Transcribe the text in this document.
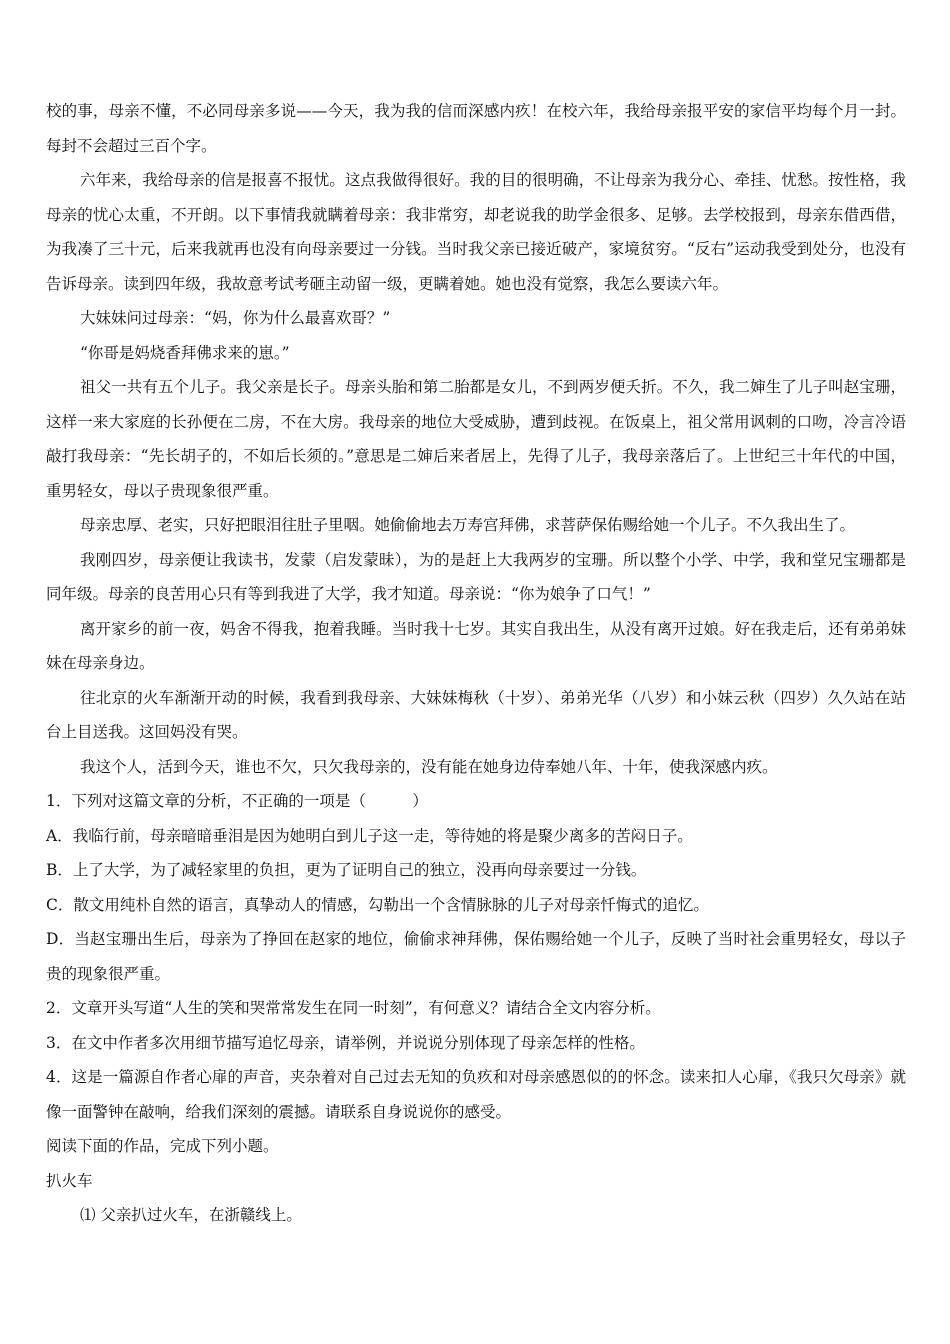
校的事，母亲不懂，不必同母亲多说——今天，我为我的信而深感内疚！在校六年，我给母亲报平安的家信平均每个月一封。每封不会超过三百个字。

六年来，我给母亲的信是报喜不报忧。这点我做得很好。我的目的很明确，不让母亲为我分心、牵挂、忧愁。按性格，我母亲的忧心太重，不开朗。以下事情我就瞒着母亲：我非常穷，却老说我的助学金很多、足够。去学校报到，母亲东借西借，为我凑了三十元，后来我就再也没有向母亲要过一分钱。当时我父亲已接近破产，家境贫穷。“反右”运动我受到处分，也没有告诉母亲。读到四年级，我故意考试考砸主动留一级，更瞒着她。她也没有觉察，我怎么要读六年。

大妹妹问过母亲：“妈，你为什么最喜欢哥？”

“你哥是妈烧香拜佛求来的崽。”

祖父一共有五个儿子。我父亲是长子。母亲头胎和第二胎都是女儿，不到两岁便夭折。不久，我二婶生了儿子叫赵宝珊，这样一来大家庭的长孙便在二房，不在大房。我母亲的地位大受威胁，遭到歧视。在饭桌上，祖父常用讽刺的口吻，冷言冷语敲打我母亲：“先长胡子的，不如后长须的。”意思是二婶后来者居上，先得了儿子，我母亲落后了。上世纪三十年代的中国，重男轻女，母以子贵现象很严重。

母亲忠厚、老实，只好把眼泪往肚子里咽。她偷偷地去万寿宫拜佛，求菩萨保佑赐给她一个儿子。不久我出生了。

我刚四岁，母亲便让我读书，发蒙（启发蒙昧），为的是赶上大我两岁的宝珊。所以整个小学、中学，我和堂兄宝珊都是同年级。母亲的良苦用心只有等到我进了大学，我才知道。母亲说：“你为娘争了口气！”

离开家乡的前一夜，妈舍不得我，抱着我睡。当时我十七岁。其实自我出生，从没有离开过娘。好在我走后，还有弟弟妹妹在母亲身边。

往北京的火车渐渐开动的时候，我看到我母亲、大妹妹梅秋（十岁）、弟弟光华（八岁）和小妹云秋（四岁）久久站在站台上目送我。这回妈没有哭。

我这个人，活到今天，谁也不欠，只欠我母亲的，没有能在她身边侍奉她八年、十年，使我深感内疚。

1．下列对这篇文章的分析，不正确的一项是（　　　）

A．我临行前，母亲暗暗垂泪是因为她明白到儿子这一走，等待她的将是聚少离多的苦闷日子。

B．上了大学，为了减轻家里的负担，更为了证明自己的独立，没再向母亲要过一分钱。

C．散文用纯朴自然的语言，真挚动人的情感，勾勒出一个含情脉脉的儿子对母亲忏悔式的追忆。

D．当赵宝珊出生后，母亲为了挣回在赵家的地位，偷偷求神拜佛，保佑赐给她一个儿子，反映了当时社会重男轻女，母以子贵的现象很严重。

2．文章开头写道“人生的笑和哭常常发生在同一时刻”，有何意义？请结合全文内容分析。

3．在文中作者多次用细节描写追忆母亲，请举例，并说说分别体现了母亲怎样的性格。

4．这是一篇源自作者心扉的声音，夹杂着对自己过去无知的负疚和对母亲感恩似的的怀念。读来扣人心扉，《我只欠母亲》就像一面警钟在敲响，给我们深刻的震撼。请联系自身说说你的感受。

阅读下面的作品，完成下列小题。

扒火车

⑴ 父亲扒过火车，在浙赣线上。
